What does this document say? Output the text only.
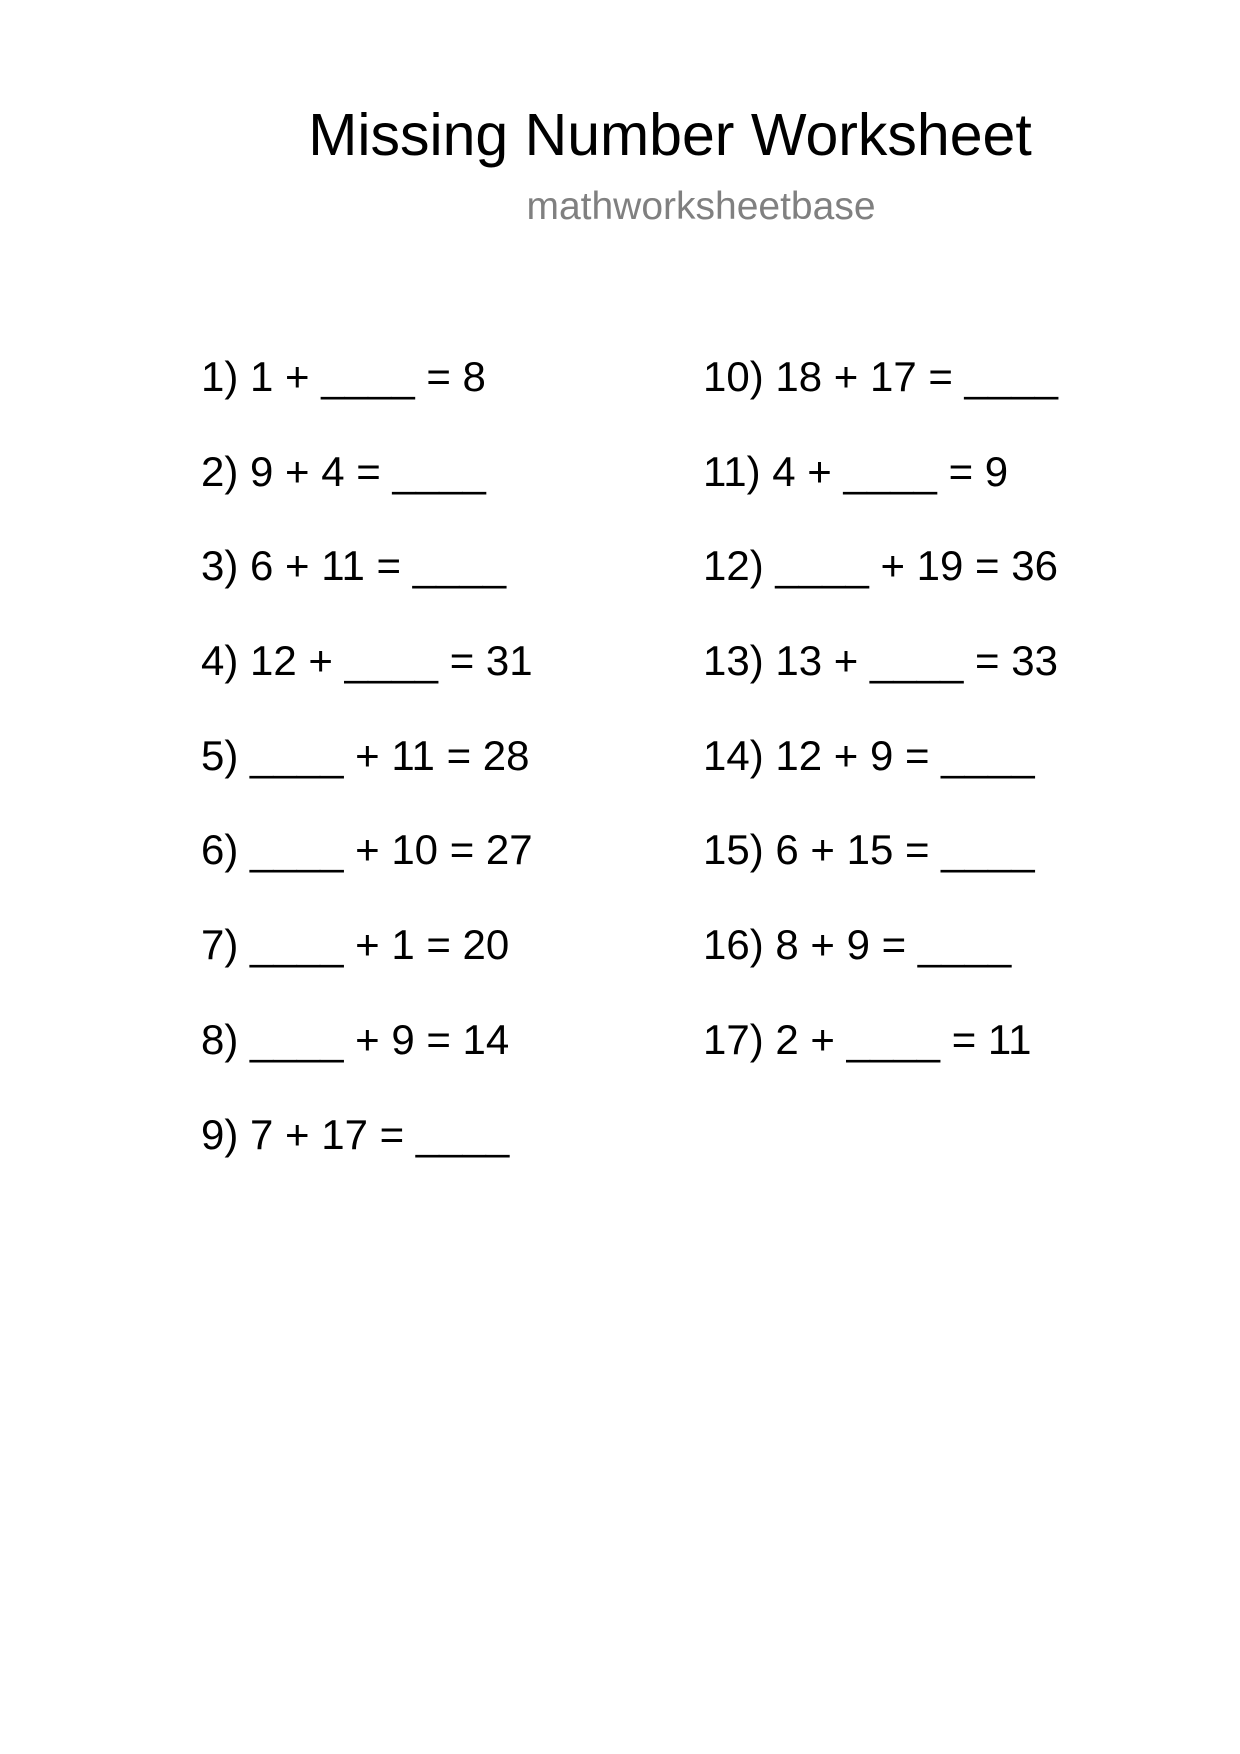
Missing Number Worksheet
mathworksheetbase
1) 1 + ____ = 8
2) 9 + 4 = ____
3) 6 + 11 = ____
4) 12 + ____ = 31
5) ____ + 11 = 28
6) ____ + 10 = 27
7) ____ + 1 = 20
8) ____ + 9 = 14
9) 7 + 17 = ____
10) 18 + 17 = ____
11) 4 + ____ = 9
12) ____ + 19 = 36
13) 13 + ____ = 33
14) 12 + 9 = ____
15) 6 + 15 = ____
16) 8 + 9 = ____
17) 2 + ____ = 11
